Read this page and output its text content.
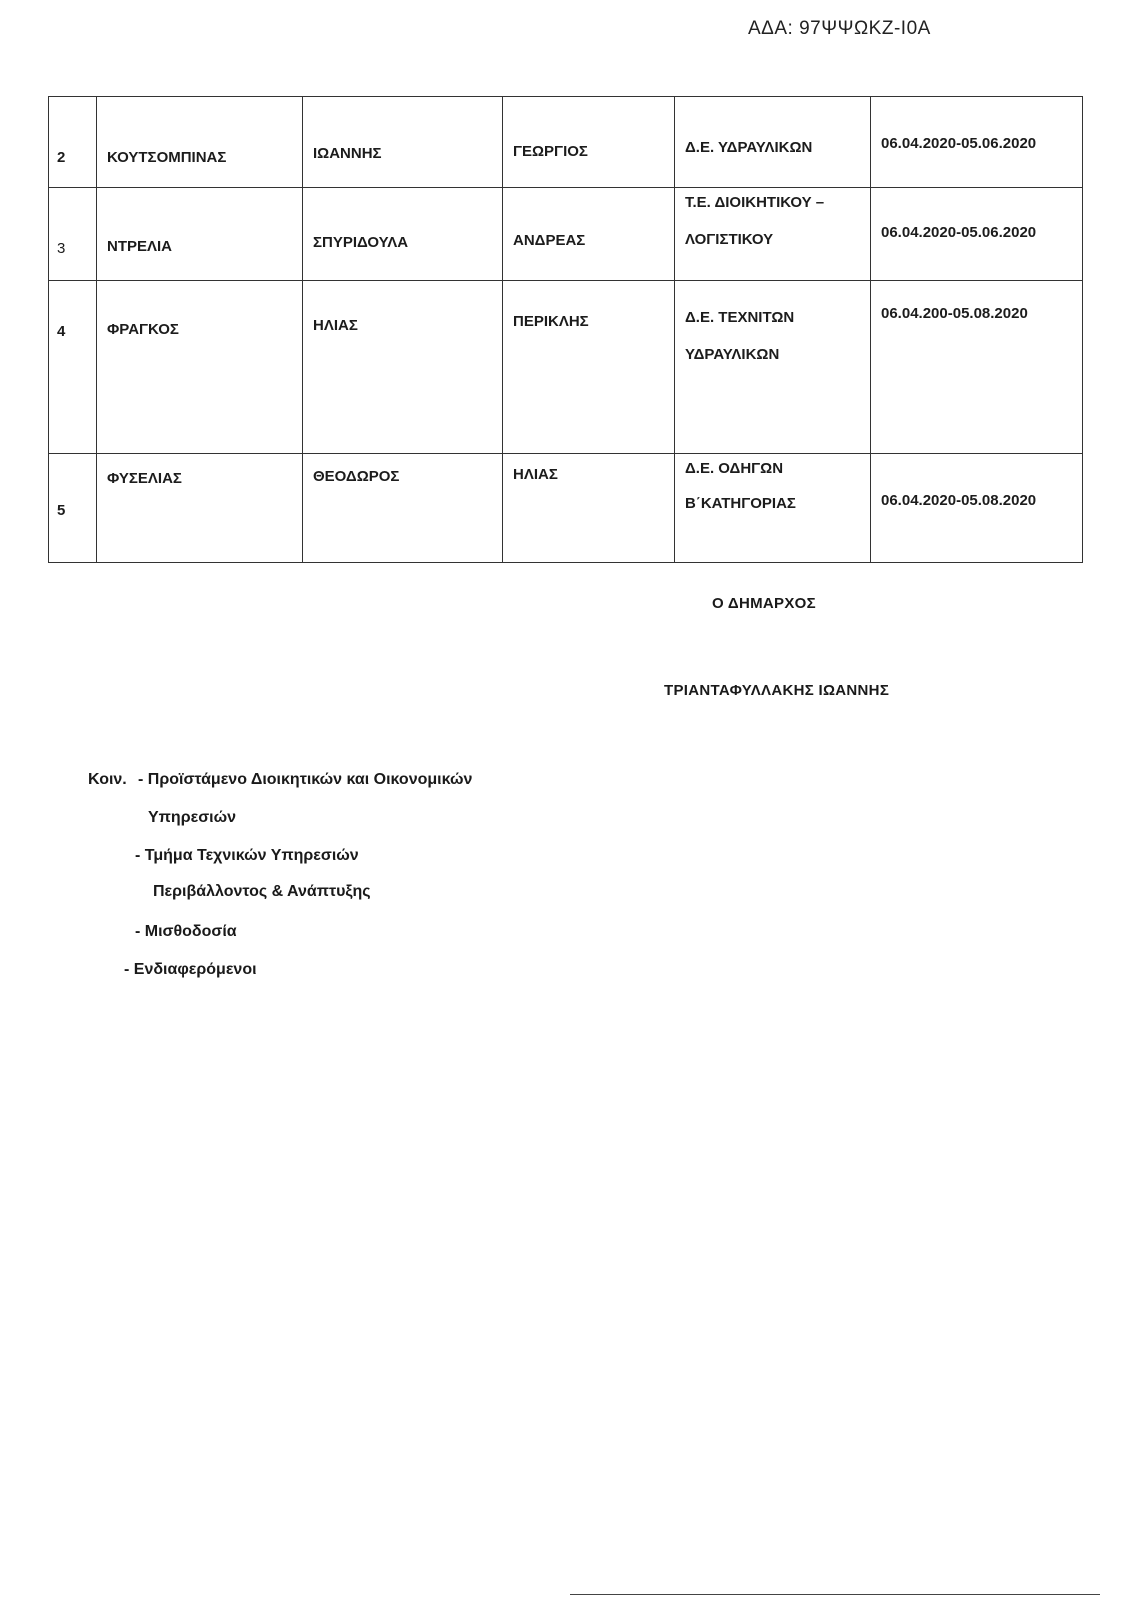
ΑΔΑ: 97ΨΨΩΚΖ-Ι0Α
2	ΚΟΥΤΣΟΜΠΙΝΑΣ	ΙΩΑΝΝΗΣ	ΓΕΩΡΓΙΟΣ	Δ.Ε. ΥΔΡΑΥΛΙΚΩΝ	06.04.2020-05.06.2020

3	ΝΤΡΕΛΙΑ	ΣΠΥΡΙΔΟΥΛΑ	ΑΝΔΡΕΑΣ	Τ.Ε. ΔΙΟΙΚΗΤΙΚΟΥ –
ΛΟΓΙΣΤΙΚΟΥ	06.04.2020-05.06.2020

4	ΦΡΑΓΚΟΣ	ΗΛΙΑΣ	ΠΕΡΙΚΛΗΣ	Δ.Ε. ΤΕΧΝΙΤΩΝ
ΥΔΡΑΥΛΙΚΩΝ	06.04.200-05.08.2020

5	ΦΥΣΕΛΙΑΣ	ΘΕΟΔΩΡΟΣ	ΗΛΙΑΣ	Δ.Ε. ΟΔΗΓΩΝ
Β΄ΚΑΤΗΓΟΡΙΑΣ	06.04.2020-05.08.2020
Ο ΔΗΜΑΡΧΟΣ
ΤΡΙΑΝΤΑΦΥΛΛΑΚΗΣ ΙΩΑΝΝΗΣ
Κοιν. - Προϊστάμενο Διοικητικών και Οικονομικών
Υπηρεσιών
- Τμήμα Τεχνικών Υπηρεσιών
Περιβάλλοντος & Ανάπτυξης
- Μισθοδοσία
- Ενδιαφερόμενοι
